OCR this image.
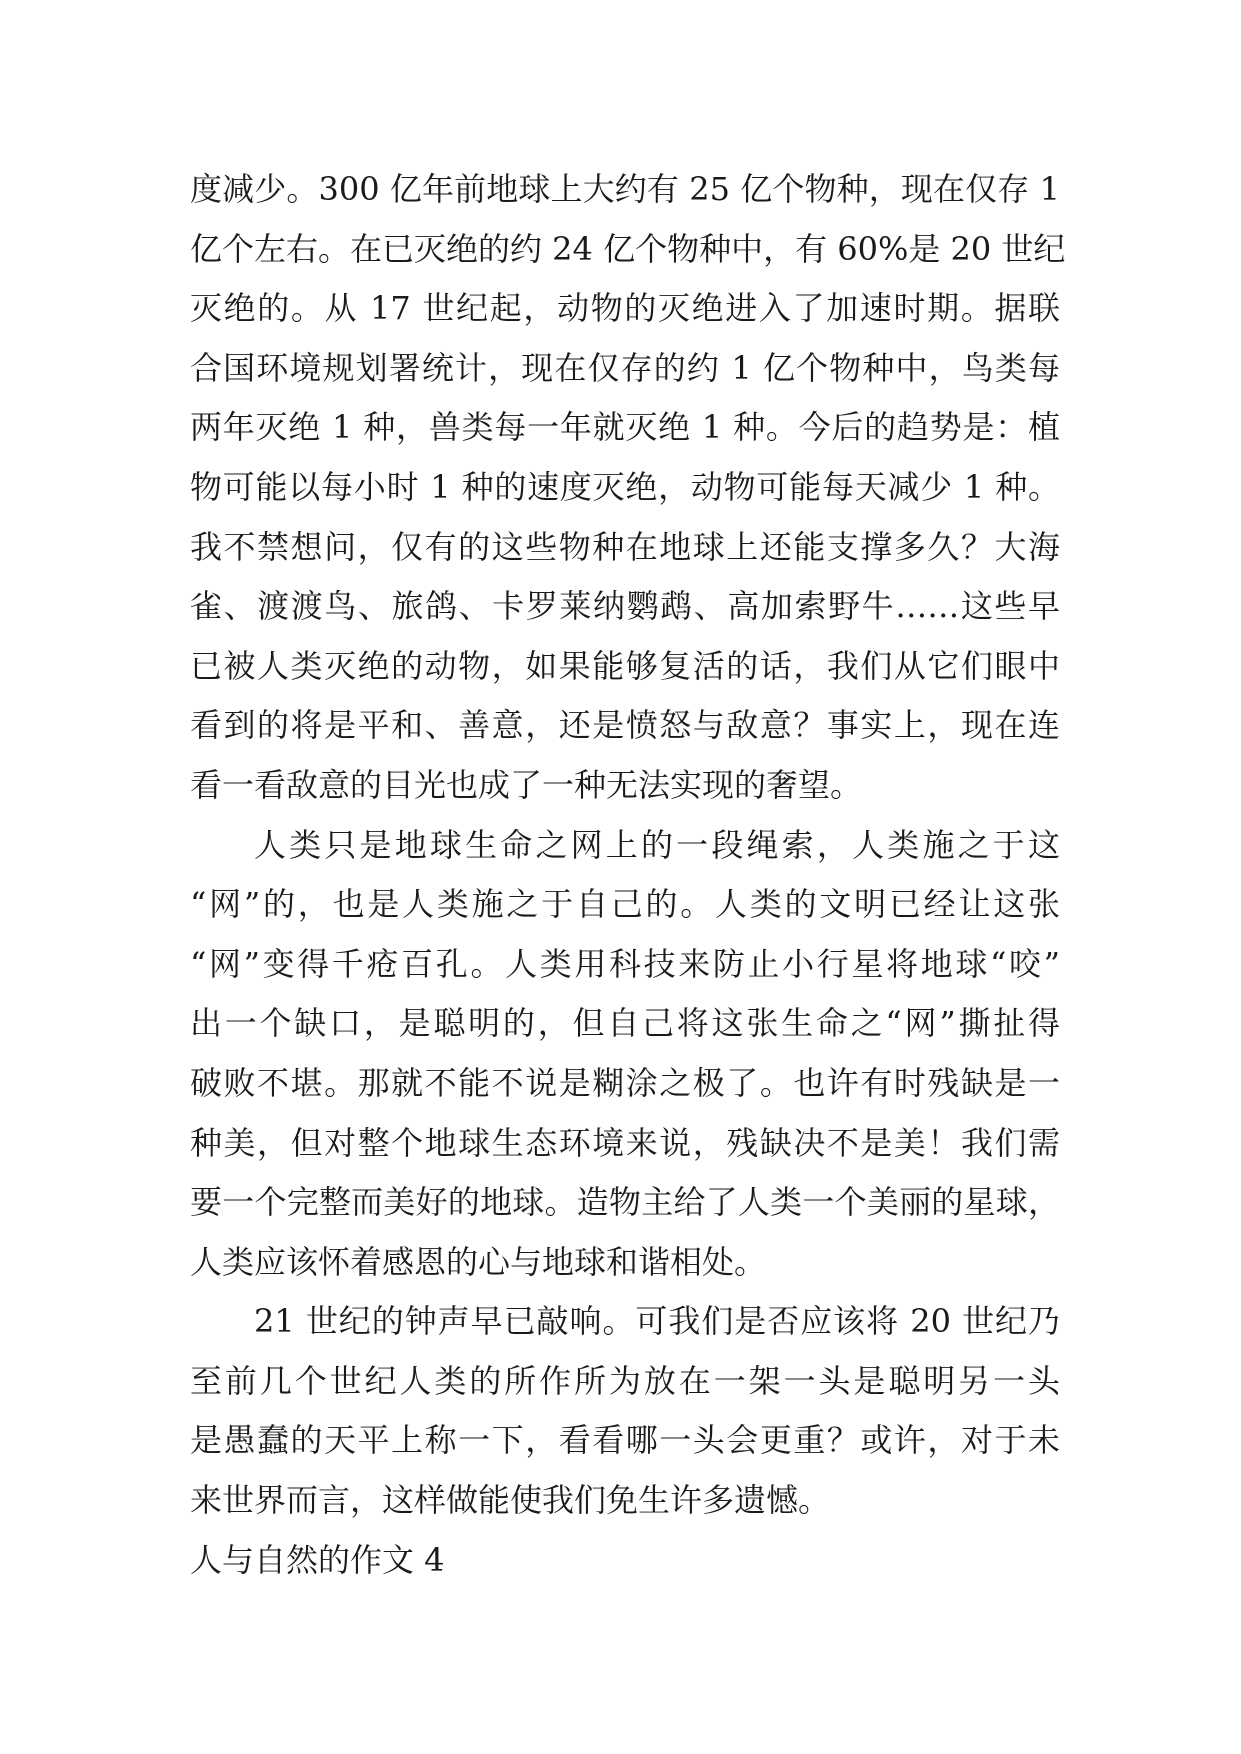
度减少。300 亿年前地球上大约有 25 亿个物种，现在仅存 1
亿个左右。在已灭绝的约 24 亿个物种中，有 60%是 20 世纪
灭绝的。从 17 世纪起，动物的灭绝进入了加速时期。据联
合国环境规划署统计，现在仅存的约 1 亿个物种中，鸟类每
两年灭绝 1 种，兽类每一年就灭绝 1 种。今后的趋势是：植
物可能以每小时 1 种的速度灭绝，动物可能每天减少 1 种。
我不禁想问，仅有的这些物种在地球上还能支撑多久？大海
雀、渡渡鸟、旅鸽、卡罗莱纳鹦鹉、高加索野牛……这些早
已被人类灭绝的动物，如果能够复活的话，我们从它们眼中
看到的将是平和、善意，还是愤怒与敌意？事实上，现在连
看一看敌意的目光也成了一种无法实现的奢望。
人类只是地球生命之网上的一段绳索，人类施之于这
“网”的，也是人类施之于自己的。人类的文明已经让这张
“网”变得千疮百孔。人类用科技来防止小行星将地球“咬”
出一个缺口，是聪明的，但自己将这张生命之“网”撕扯得
破败不堪。那就不能不说是糊涂之极了。也许有时残缺是一
种美，但对整个地球生态环境来说，残缺决不是美！我们需
要一个完整而美好的地球。造物主给了人类一个美丽的星球，
人类应该怀着感恩的心与地球和谐相处。
21 世纪的钟声早已敲响。可我们是否应该将 20 世纪乃
至前几个世纪人类的所作所为放在一架一头是聪明另一头
是愚蠢的天平上称一下，看看哪一头会更重？或许，对于未
来世界而言，这样做能使我们免生许多遗憾。
人与自然的作文 4
